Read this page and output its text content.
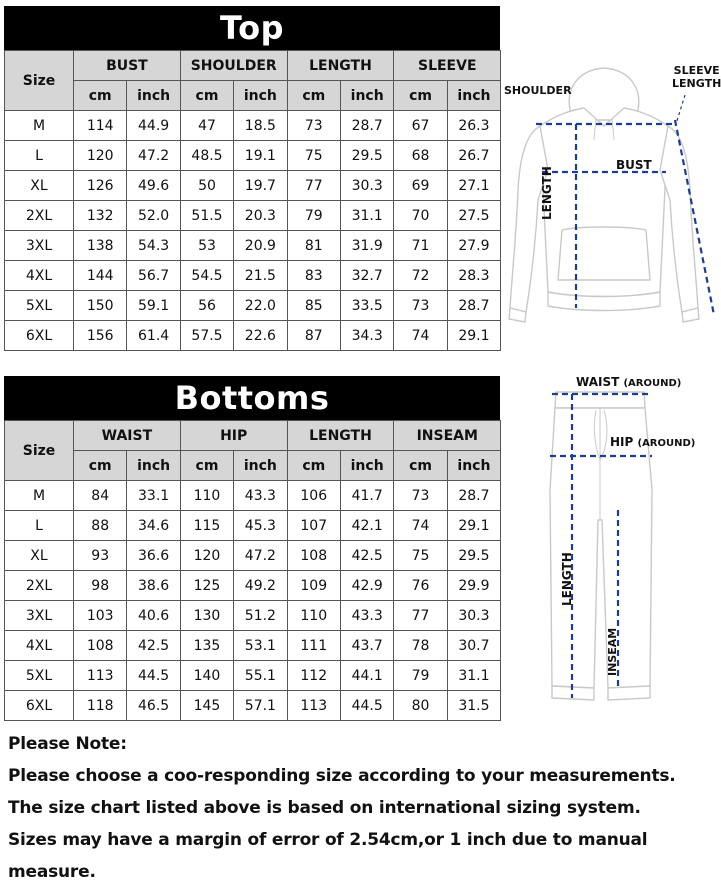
Top
Size	BUST		SHOULDER		LENGTH		SLEEVE	
	cm	inch	cm	inch	cm	inch	cm	inch
M	114	44.9	47	18.5	73	28.7	67	26.3
L	120	47.2	48.5	19.1	75	29.5	68	26.7
XL	126	49.6	50	19.7	77	30.3	69	27.1
2XL	132	52.0	51.5	20.3	79	31.1	70	27.5
3XL	138	54.3	53	20.9	81	31.9	71	27.9
4XL	144	56.7	54.5	21.5	83	32.7	72	28.3
5XL	150	59.1	56	22.0	85	33.5	73	28.7
6XL	156	61.4	57.5	22.6	87	34.3	74	29.1
SHOULDER
SLEEVE
LENGTH
BUST
LENGTH
Bottoms
Size	WAIST		HIP		LENGTH		INSEAM	
	cm	inch	cm	inch	cm	inch	cm	inch
M	84	33.1	110	43.3	106	41.7	73	28.7
L	88	34.6	115	45.3	107	42.1	74	29.1
XL	93	36.6	120	47.2	108	42.5	75	29.5
2XL	98	38.6	125	49.2	109	42.9	76	29.9
3XL	103	40.6	130	51.2	110	43.3	77	30.3
4XL	108	42.5	135	53.1	111	43.7	78	30.7
5XL	113	44.5	140	55.1	112	44.1	79	31.1
6XL	118	46.5	145	57.1	113	44.5	80	31.5
WAIST (AROUND)
HIP (AROUND)
LENGTH
INSEAM

Please Note:

Please choose a coo-responding size according to your measurements.

The size chart listed above is based on international sizing system.

Sizes may have a margin of error of 2.54cm,or 1 inch due to manual measure.
